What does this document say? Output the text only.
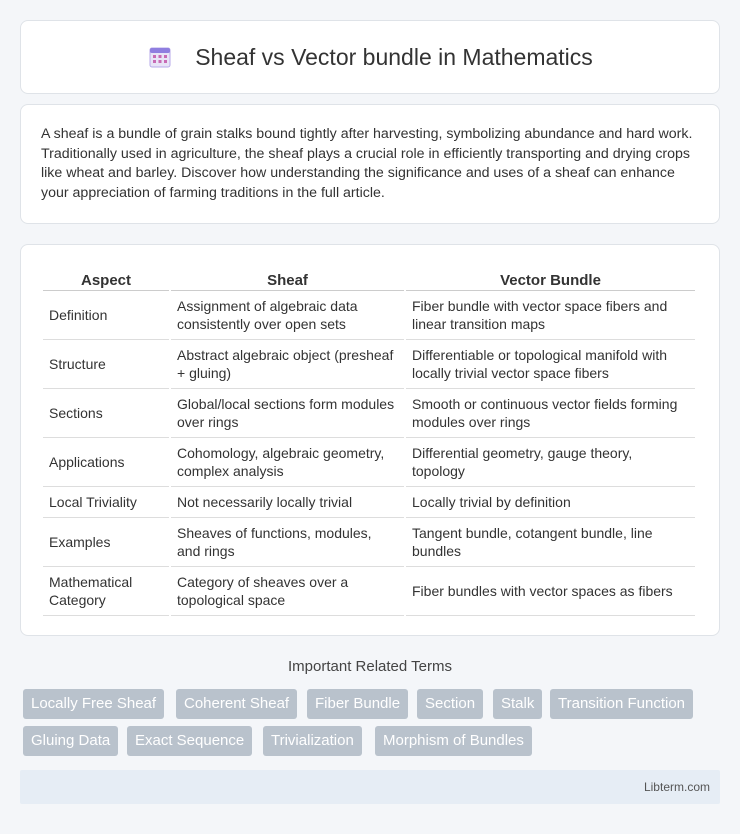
Sheaf vs Vector bundle in Mathematics

A sheaf is a bundle of grain stalks bound tightly after harvesting, symbolizing abundance and hard work. Traditionally used in agriculture, the sheaf plays a crucial role in efficiently transporting and drying crops like wheat and barley. Discover how understanding the significance and uses of a sheaf can enhance your appreciation of farming traditions in the full article.

Aspect	Sheaf	Vector Bundle
Definition	Assignment of algebraic data consistently over open sets	Fiber bundle with vector space fibers and linear transition maps
Structure	Abstract algebraic object (presheaf + gluing)	Differentiable or topological manifold with locally trivial vector space fibers
Sections	Global/local sections form modules over rings	Smooth or continuous vector fields forming modules over rings
Applications	Cohomology, algebraic geometry, complex analysis	Differential geometry, gauge theory, topology
Local Triviality	Not necessarily locally trivial	Locally trivial by definition
Examples	Sheaves of functions, modules, and rings	Tangent bundle, cotangent bundle, line bundles
Mathematical Category	Category of sheaves over a topological space	Fiber bundles with vector spaces as fibers
Important Related Terms
Locally Free Sheaf	Coherent Sheaf	Fiber Bundle	Section	Stalk	Transition Function
Gluing Data	Exact Sequence	Trivialization	Morphism of Bundles
Libterm.com
